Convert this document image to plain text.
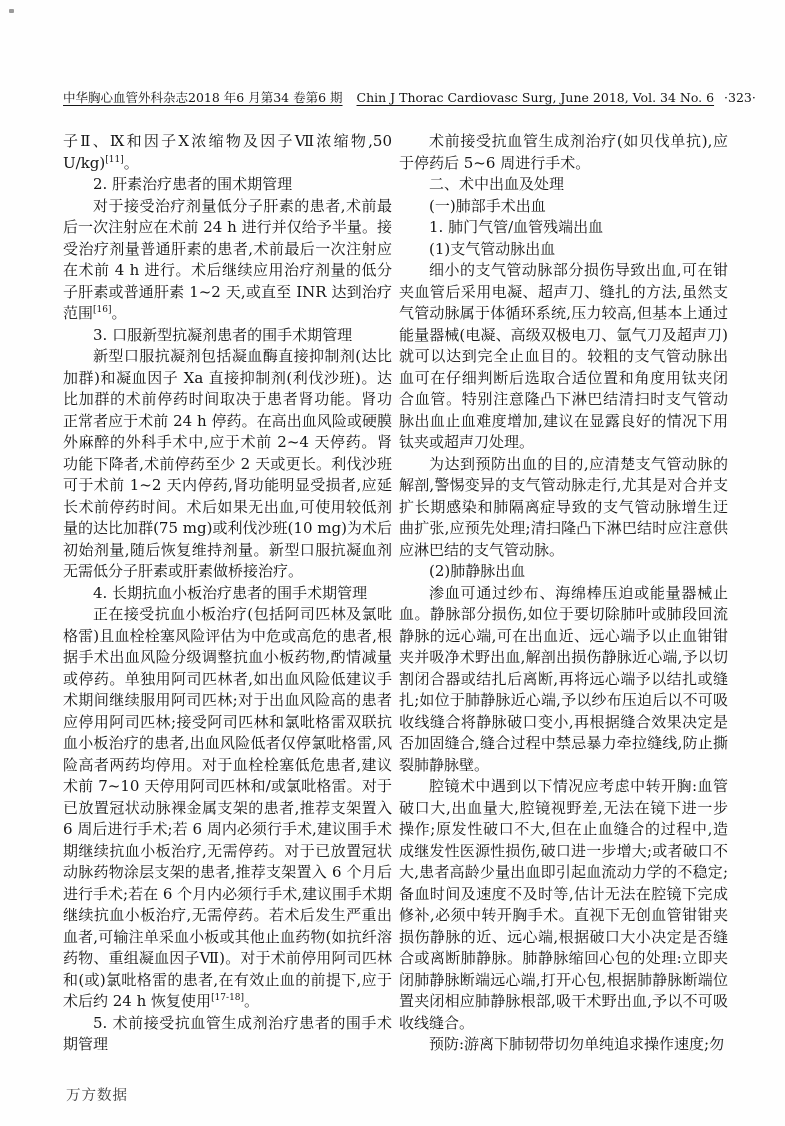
中华胸心血管外科杂志2018 年6 月第34 卷第6 期 Chin J Thorac Cardiovasc Surg, June 2018, Vol. 34 No. 6 ·323·

子Ⅱ、Ⅸ和因子Ⅹ浓缩物及因子Ⅶ浓缩物,50 U/kg)[11]。

2. 肝素治疗患者的围术期管理

对于接受治疗剂量低分子肝素的患者,术前最后一次注射应在术前 24 h 进行并仅给予半量。接受治疗剂量普通肝素的患者,术前最后一次注射应在术前 4 h 进行。术后继续应用治疗剂量的低分子肝素或普通肝素 1~2 天,或直至 INR 达到治疗范围[16]。

3. 口服新型抗凝剂患者的围手术期管理

新型口服抗凝剂包括凝血酶直接抑制剂(达比加群)和凝血因子 Xa 直接抑制剂(利伐沙班)。达比加群的术前停药时间取决于患者肾功能。肾功正常者应于术前 24 h 停药。在高出血风险或硬膜外麻醉的外科手术中,应于术前 2~4 天停药。肾功能下降者,术前停药至少 2 天或更长。利伐沙班可于术前 1~2 天内停药,肾功能明显受损者,应延长术前停药时间。术后如果无出血,可使用较低剂量的达比加群(75 mg)或利伐沙班(10 mg)为术后初始剂量,随后恢复维持剂量。新型口服抗凝血剂无需低分子肝素或肝素做桥接治疗。

4. 长期抗血小板治疗患者的围手术期管理

正在接受抗血小板治疗(包括阿司匹林及氯吡格雷)且血栓栓塞风险评估为中危或高危的患者,根据手术出血风险分级调整抗血小板药物,酌情减量或停药。单独用阿司匹林者,如出血风险低建议手术期间继续服用阿司匹林;对于出血风险高的患者应停用阿司匹林;接受阿司匹林和氯吡格雷双联抗血小板治疗的患者,出血风险低者仅停氯吡格雷,风险高者两药均停用。对于血栓栓塞低危患者,建议术前 7~10 天停用阿司匹林和/或氯吡格雷。对于已放置冠状动脉裸金属支架的患者,推荐支架置入 6 周后进行手术;若 6 周内必须行手术,建议围手术期继续抗血小板治疗,无需停药。对于已放置冠状动脉药物涂层支架的患者,推荐支架置入 6 个月后进行手术;若在 6 个月内必须行手术,建议围手术期继续抗血小板治疗,无需停药。若术后发生严重出血者,可输注单采血小板或其他止血药物(如抗纤溶药物、重组凝血因子Ⅶ)。对于术前停用阿司匹林和(或)氯吡格雷的患者,在有效止血的前提下,应于术后约 24 h 恢复使用[17-18]。

5. 术前接受抗血管生成剂治疗患者的围手术期管理

术前接受抗血管生成剂治疗(如贝伐单抗),应于停药后 5~6 周进行手术。

二、术中出血及处理

(一)肺部手术出血

1. 肺门气管/血管残端出血

(1)支气管动脉出血

细小的支气管动脉部分损伤导致出血,可在钳夹血管后采用电凝、超声刀、缝扎的方法,虽然支气管动脉属于体循环系统,压力较高,但基本上通过能量器械(电凝、高级双极电刀、氩气刀及超声刀)就可以达到完全止血目的。较粗的支气管动脉出血可在仔细判断后选取合适位置和角度用钛夹闭合血管。特别注意隆凸下淋巴结清扫时支气管动脉出血止血难度增加,建议在显露良好的情况下用钛夹或超声刀处理。

为达到预防出血的目的,应清楚支气管动脉的解剖,警惕变异的支气管动脉走行,尤其是对合并支扩长期感染和肺隔离症导致的支气管动脉增生迂曲扩张,应预先处理;清扫隆凸下淋巴结时应注意供应淋巴结的支气管动脉。

(2)肺静脉出血

渗血可通过纱布、海绵棒压迫或能量器械止血。静脉部分损伤,如位于要切除肺叶或肺段回流静脉的远心端,可在出血近、远心端予以止血钳钳夹并吸净术野出血,解剖出损伤静脉近心端,予以切割闭合器或结扎后离断,再将远心端予以结扎或缝扎;如位于肺静脉近心端,予以纱布压迫后以不可吸收线缝合将静脉破口变小,再根据缝合效果决定是否加固缝合,缝合过程中禁忌暴力牵拉缝线,防止撕裂肺静脉壁。

腔镜术中遇到以下情况应考虑中转开胸:血管破口大,出血量大,腔镜视野差,无法在镜下进一步操作;原发性破口不大,但在止血缝合的过程中,造成继发性医源性损伤,破口进一步增大;或者破口不大,患者高龄少量出血即引起血流动力学的不稳定;备血时间及速度不及时等,估计无法在腔镜下完成修补,必须中转开胸手术。直视下无创血管钳钳夹损伤静脉的近、远心端,根据破口大小决定是否缝合或离断肺静脉。肺静脉缩回心包的处理:立即夹闭肺静脉断端远心端,打开心包,根据肺静脉断端位置夹闭相应肺静脉根部,吸干术野出血,予以不可吸收线缝合。

预防:游离下肺韧带切勿单纯追求操作速度;勿

万方数据
